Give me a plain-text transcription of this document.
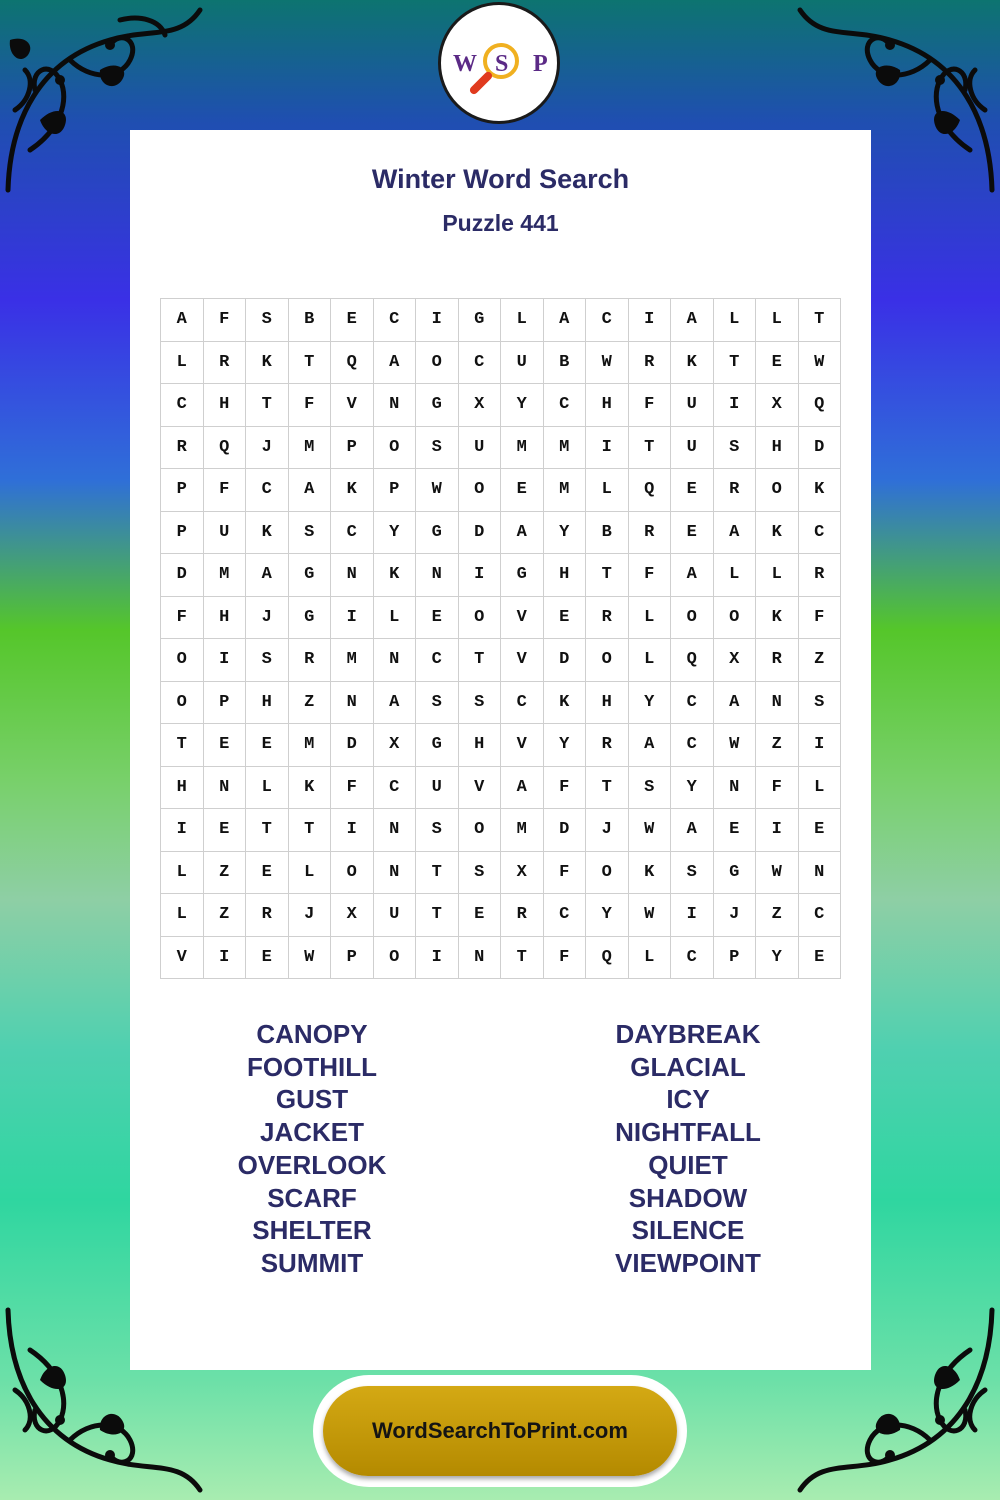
Winter Word Search
Puzzle 441
A	F	S	B	E	C	I	G	L	A	C	I	A	L	L	T
L	R	K	T	Q	A	O	C	U	B	W	R	K	T	E	W
C	H	T	F	V	N	G	X	Y	C	H	F	U	I	X	Q
R	Q	J	M	P	O	S	U	M	M	I	T	U	S	H	D
P	F	C	A	K	P	W	O	E	M	L	Q	E	R	O	K
P	U	K	S	C	Y	G	D	A	Y	B	R	E	A	K	C
D	M	A	G	N	K	N	I	G	H	T	F	A	L	L	R
F	H	J	G	I	L	E	O	V	E	R	L	O	O	K	F
O	I	S	R	M	N	C	T	V	D	O	L	Q	X	R	Z
O	P	H	Z	N	A	S	S	C	K	H	Y	C	A	N	S
T	E	E	M	D	X	G	H	V	Y	R	A	C	W	Z	I
H	N	L	K	F	C	U	V	A	F	T	S	Y	N	F	L
I	E	T	T	I	N	S	O	M	D	J	W	A	E	I	E
L	Z	E	L	O	N	T	S	X	F	O	K	S	G	W	N
L	Z	R	J	X	U	T	E	R	C	Y	W	I	J	Z	C
V	I	E	W	P	O	I	N	T	F	Q	L	C	P	Y	E
CANOPY
FOOTHILL
GUST
JACKET
OVERLOOK
SCARF
SHELTER
SUMMIT
DAYBREAK
GLACIAL
ICY
NIGHTFALL
QUIET
SHADOW
SILENCE
VIEWPOINT
W S P
WordSearchToPrint.com
